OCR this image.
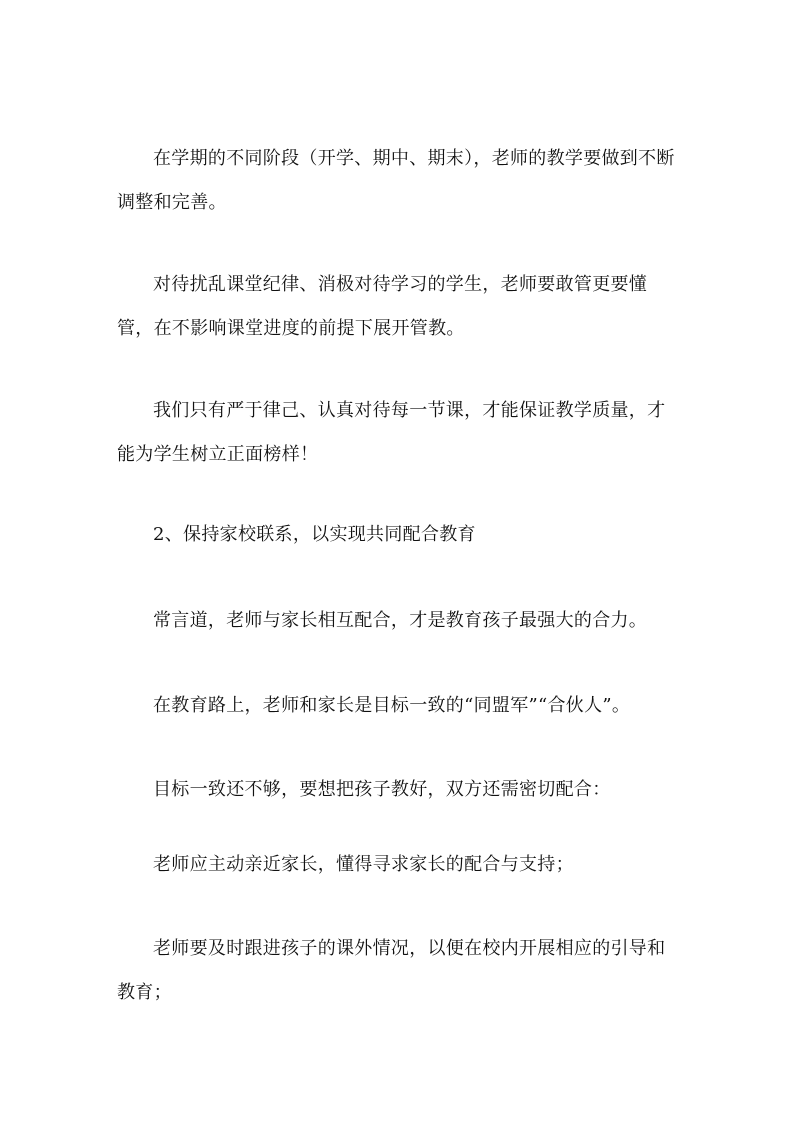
在学期的不同阶段（开学、期中、期末），老师的教学要做到不断调整和完善。

对待扰乱课堂纪律、消极对待学习的学生，老师要敢管更要懂管，在不影响课堂进度的前提下展开管教。

我们只有严于律己、认真对待每一节课，才能保证教学质量，才能为学生树立正面榜样！

2、保持家校联系，以实现共同配合教育

常言道，老师与家长相互配合，才是教育孩子最强大的合力。

在教育路上，老师和家长是目标一致的“同盟军”“合伙人”。

目标一致还不够，要想把孩子教好，双方还需密切配合：

老师应主动亲近家长，懂得寻求家长的配合与支持；

老师要及时跟进孩子的课外情况，以便在校内开展相应的引导和教育；
